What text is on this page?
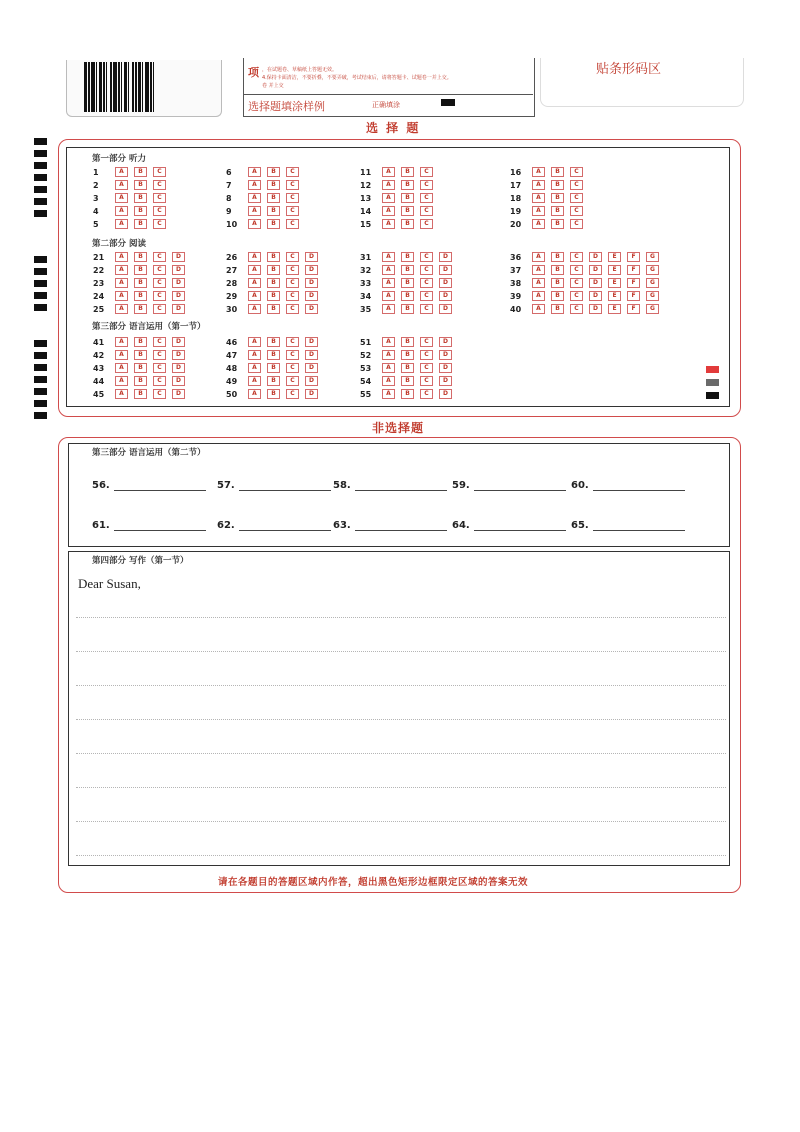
项 ，在试题卷、草稿纸上答题无效。
4.保持卡面清洁，不要折叠，不要弄破，考试结束后，请将答题卡、试题卷一并上交。
卷 并上交
选择题填涂样例	正确填涂
贴条形码区
选 择 题
第一部分 听力
第二部分 阅读
第三部分 语言运用（第一节）
1	A	B	C
2	A	B	C
3	A	B	C
4	A	B	C
5	A	B	C
6	A	B	C
7	A	B	C
8	A	B	C
9	A	B	C
10	A	B	C
11	A	B	C
12	A	B	C
13	A	B	C
14	A	B	C
15	A	B	C
16	A	B	C
17	A	B	C
18	A	B	C
19	A	B	C
20	A	B	C
21	A	B	C	D
22	A	B	C	D
23	A	B	C	D
24	A	B	C	D
25	A	B	C	D
26	A	B	C	D
27	A	B	C	D
28	A	B	C	D
29	A	B	C	D
30	A	B	C	D
31	A	B	C	D
32	A	B	C	D
33	A	B	C	D
34	A	B	C	D
35	A	B	C	D
36	A	B	C	D	E	F	G
37	A	B	C	D	E	F	G
38	A	B	C	D	E	F	G
39	A	B	C	D	E	F	G
40	A	B	C	D	E	F	G
41	A	B	C	D
42	A	B	C	D
43	A	B	C	D
44	A	B	C	D
45	A	B	C	D
46	A	B	C	D
47	A	B	C	D
48	A	B	C	D
49	A	B	C	D
50	A	B	C	D
51	A	B	C	D
52	A	B	C	D
53	A	B	C	D
54	A	B	C	D
55	A	B	C	D
非选择题
第三部分 语言运用（第二节）
56.	57.	58.	59.	60.
61.	62.	63.	64.	65.
第四部分 写作（第一节）
Dear Susan,
请在各题目的答题区域内作答，超出黑色矩形边框限定区域的答案无效
